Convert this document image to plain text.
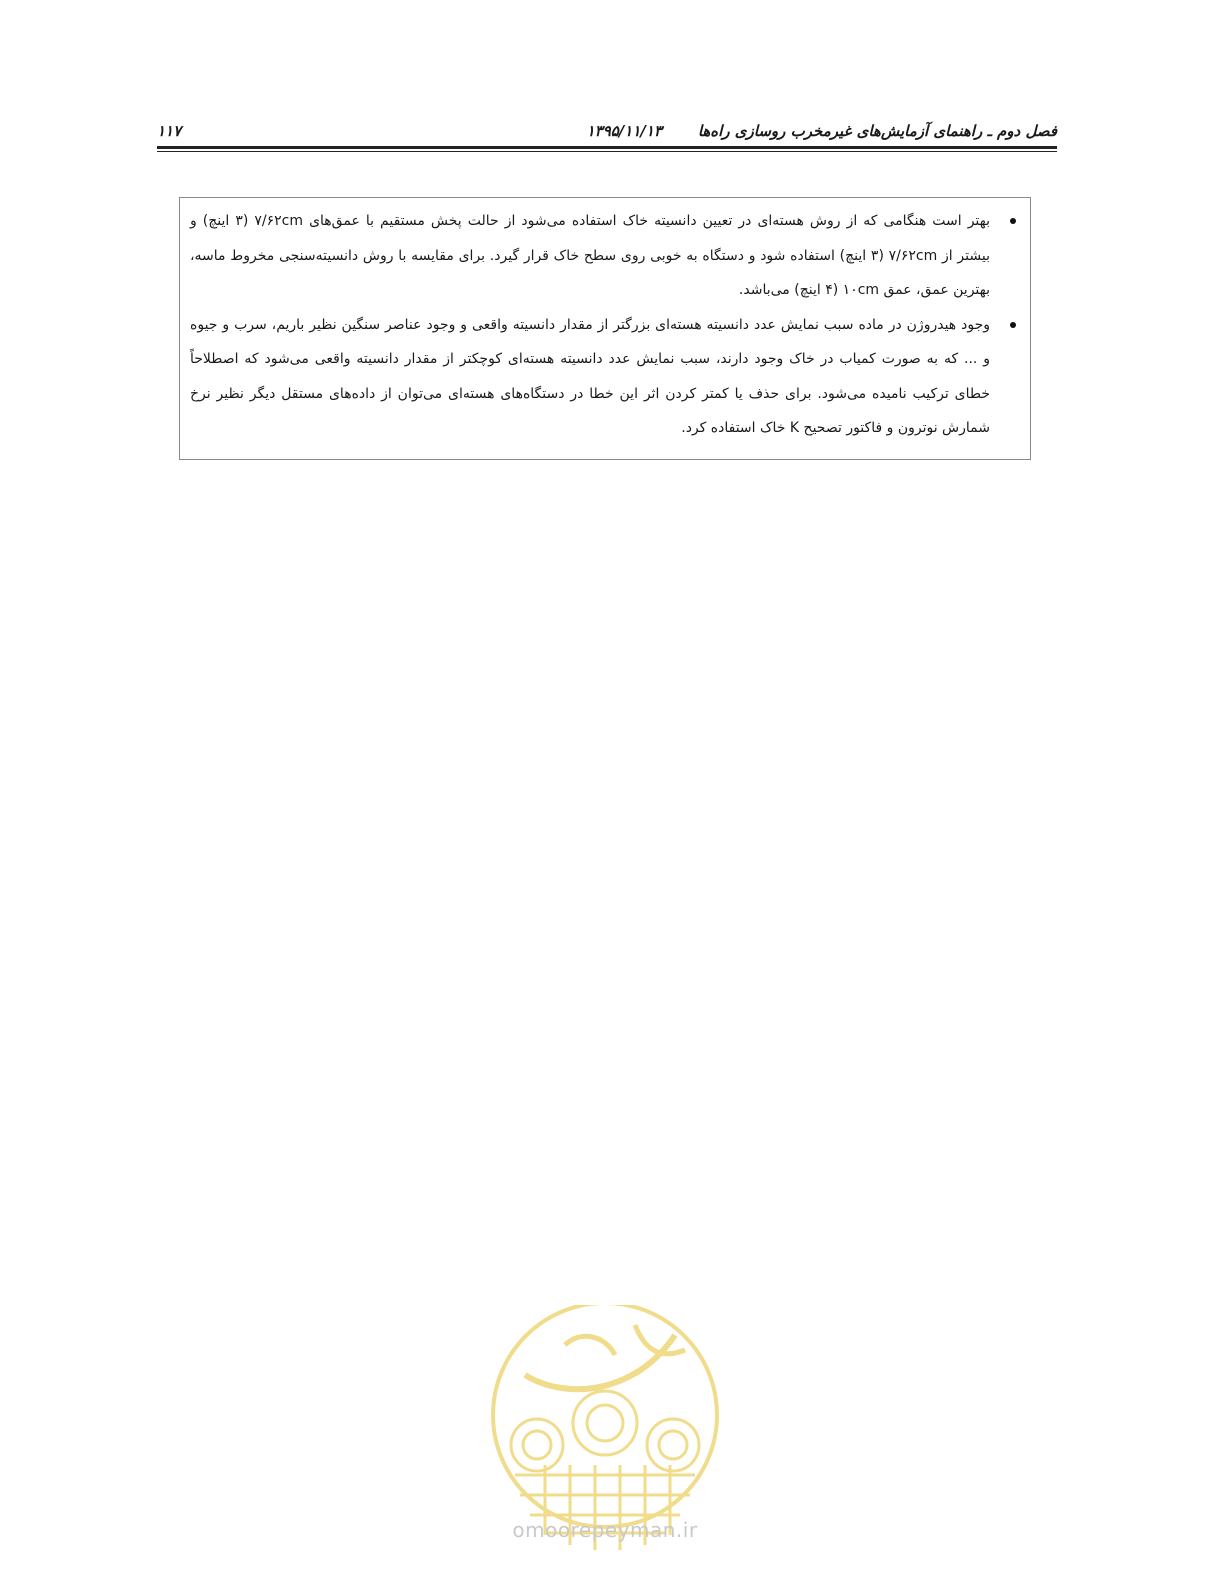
فصل دوم ـ راهنمای آزمایش‌های غیرمخرب روسازی راه‌ها
۱۳۹۵/۱۱/۱۳
۱۱۷
بهتر است هنگامی که از روش هسته‌ای در تعیین دانسیته خاک استفاده می‌شود از حالت پخش مستقیم با عمق‌های ۷/۶۲cm (۳ اینچ) و بیشتر از ۷/۶۲cm (۳ اینچ) استفاده شود و دستگاه به خوبی روی سطح خاک قرار گیرد. برای مقایسه با روش دانسیته‌سنجی مخروط ماسه، بهترین عمق، عمق ۱۰cm (۴ اینچ) می‌باشد.
وجود هیدروژن در ماده سبب نمایش عدد دانسیته هسته‌ای بزرگتر از مقدار دانسیته واقعی و وجود عناصر سنگین نظیر باریم، سرب و جیوه و ... که به صورت کمیاب در خاک وجود دارند، سبب نمایش عدد دانسیته هسته‌ای کوچکتر از مقدار دانسیته واقعی می‌شود که اصطلاحاً خطای ترکیب نامیده می‌شود. برای حذف یا کمتر کردن اثر این خطا در دستگاه‌های هسته‌ای می‌توان از داده‌های مستقل دیگر نظیر نرخ شمارش نوترون و فاکتور تصحیح K خاک استفاده کرد.
omoorepeyman.ir
